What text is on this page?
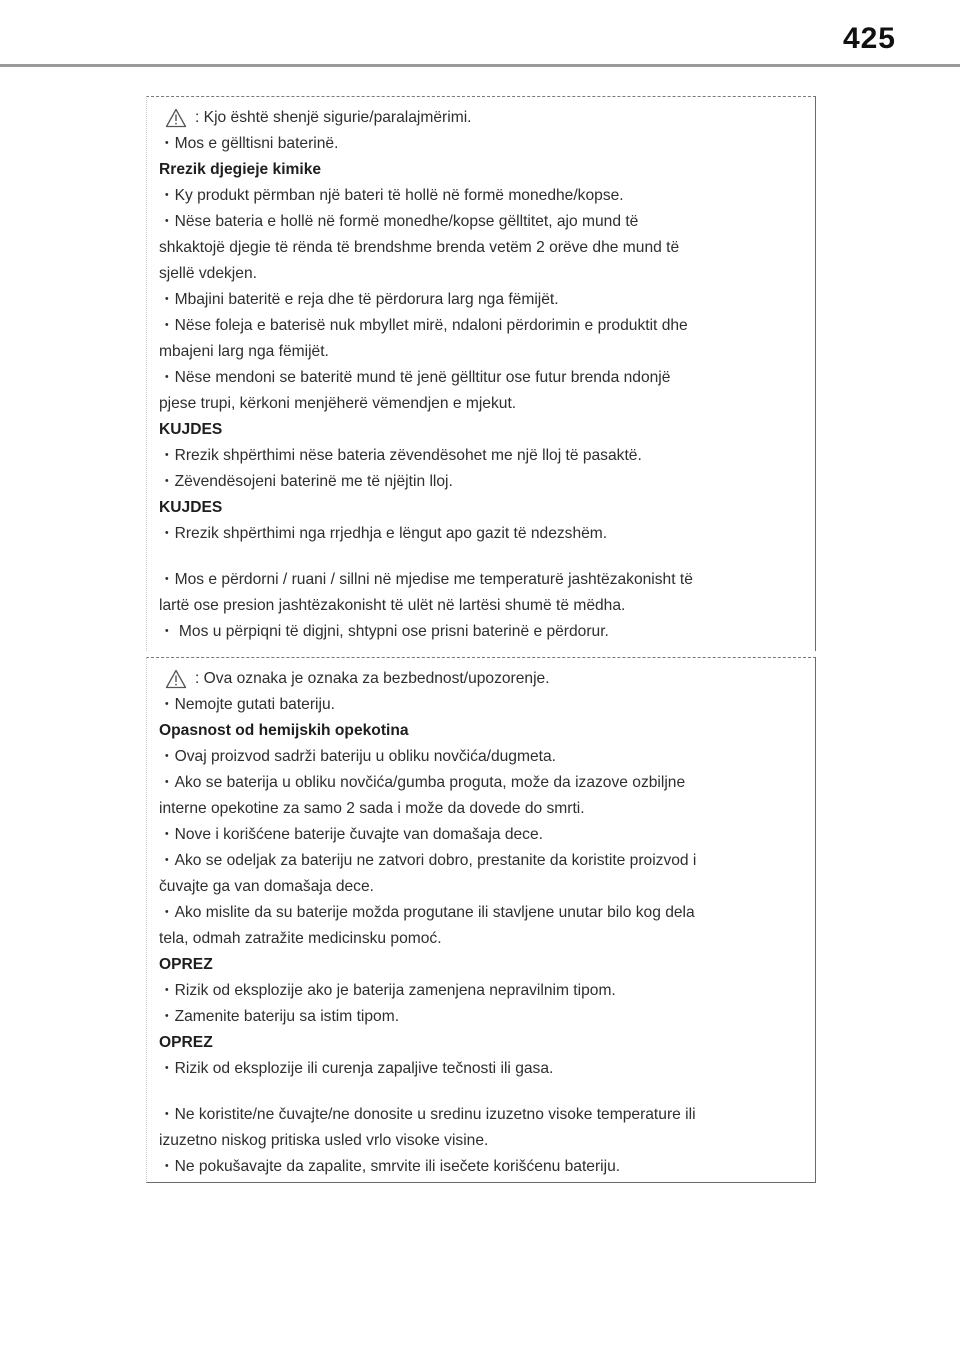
425
: Kjo është shenjë sigurie/paralajmërimi.
・Mos e gëlltisni baterinë.
Rrezik djegieje kimike
・Ky produkt përmban një bateri të hollë në formë monedhe/kopse.
・Nëse bateria e hollë në formë monedhe/kopse gëlltitet, ajo mund të
shkaktojë djegie të rënda të brendshme brenda vetëm 2 orëve dhe mund të
sjellë vdekjen.
・Mbajini bateritë e reja dhe të përdorura larg nga fëmijët.
・Nëse foleja e baterisë nuk mbyllet mirë, ndaloni përdorimin e produktit dhe
mbajeni larg nga fëmijët.
・Nëse mendoni se bateritë mund të jenë gëlltitur ose futur brenda ndonjë
pjese trupi, kërkoni menjëherë vëmendjen e mjekut.
KUJDES
・Rrezik shpërthimi nëse bateria zëvendësohet me një lloj të pasaktë.
・Zëvendësojeni baterinë me të njëjtin lloj.
KUJDES
・Rrezik shpërthimi nga rrjedhja e lëngut apo gazit të ndezshëm.
・Mos e përdorni / ruani / sillni në mjedise me temperaturë jashtëzakonisht të
lartë ose presion jashtëzakonisht të ulët në lartësi shumë të mëdha.
・ Mos u përpiqni të digjni, shtypni ose prisni baterinë e përdorur.
: Ova oznaka je oznaka za bezbednost/upozorenje.
・Nemojte gutati bateriju.
Opasnost od hemijskih opekotina
・Ovaj proizvod sadrži bateriju u obliku novčića/dugmeta.
・Ako se baterija u obliku novčića/gumba proguta, može da izazove ozbiljne
interne opekotine za samo 2 sada i može da dovede do smrti.
・Nove i korišćene baterije čuvajte van domašaja dece.
・Ako se odeljak za bateriju ne zatvori dobro, prestanite da koristite proizvod i
čuvajte ga van domašaja dece.
・Ako mislite da su baterije možda progutane ili stavljene unutar bilo kog dela
tela, odmah zatražite medicinsku pomoć.
OPREZ
・Rizik od eksplozije ako je baterija zamenjena nepravilnim tipom.
・Zamenite bateriju sa istim tipom.
OPREZ
・Rizik od eksplozije ili curenja zapaljive tečnosti ili gasa.
・Ne koristite/ne čuvajte/ne donosite u sredinu izuzetno visoke temperature ili
izuzetno niskog pritiska usled vrlo visoke visine.
・Ne pokušavajte da zapalite, smrvite ili isečete korišćenu bateriju.
